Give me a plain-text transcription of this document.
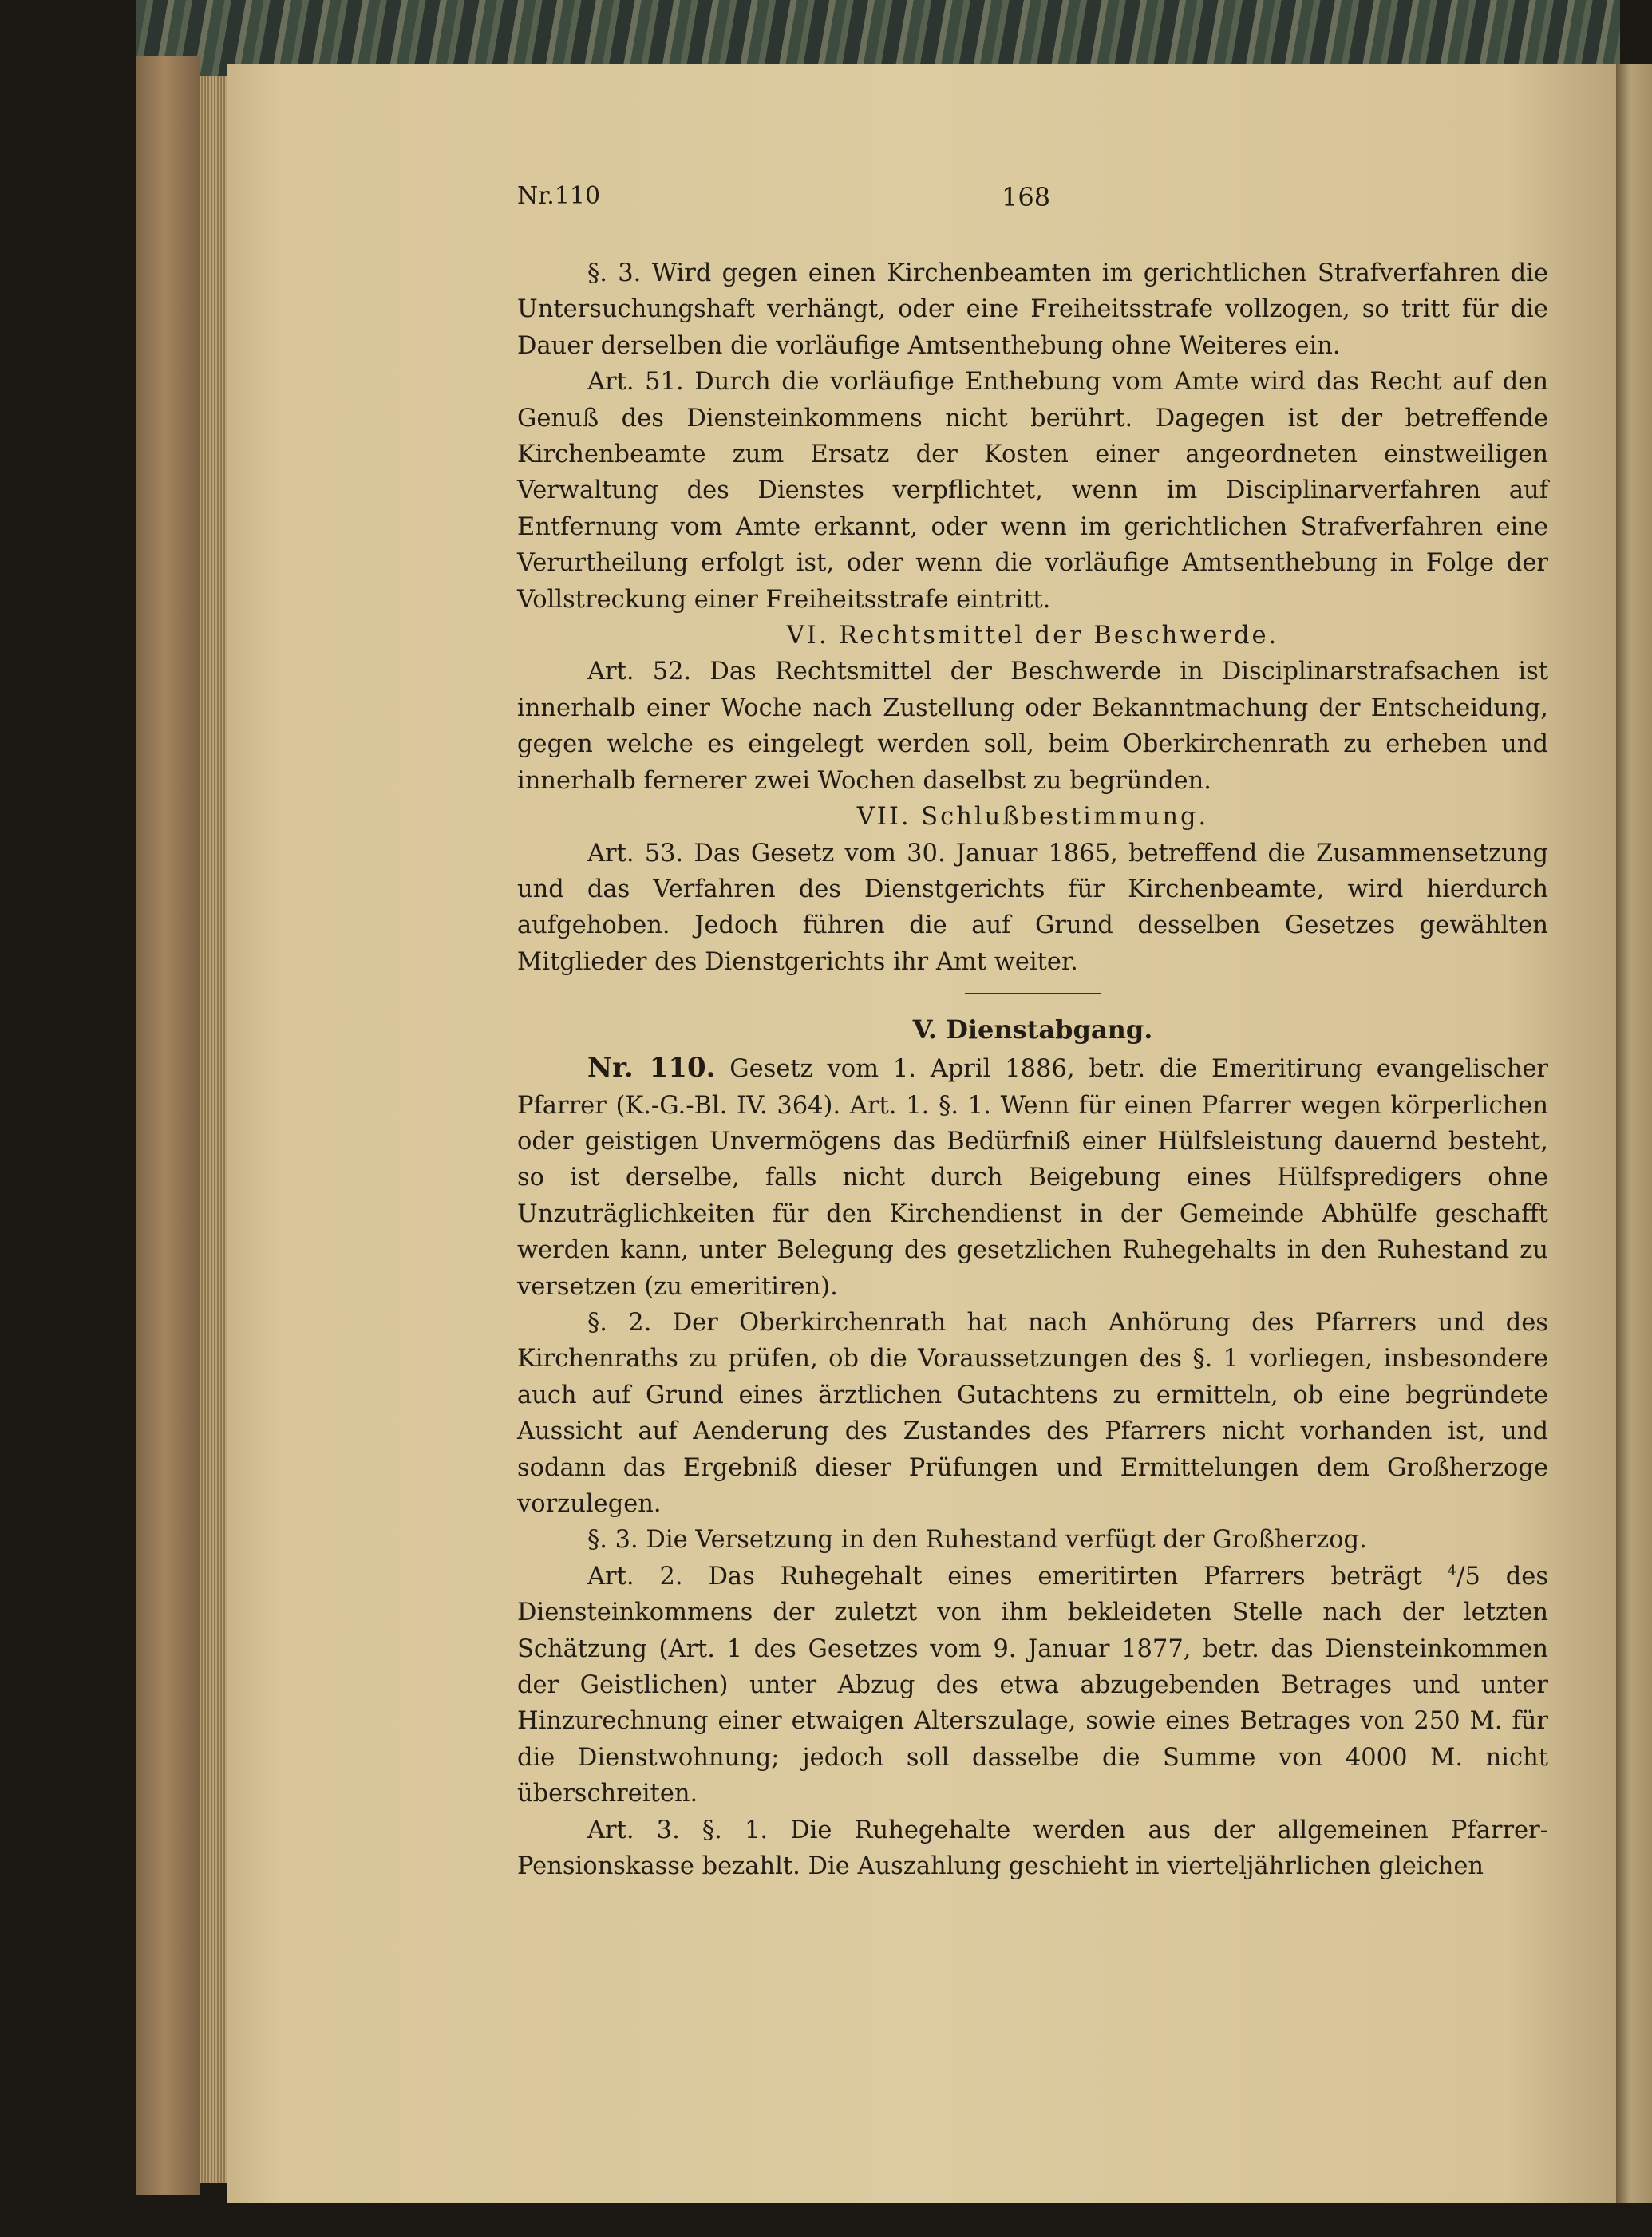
Nr.110	168

§. 3. Wird gegen einen Kirchenbeamten im gerichtlichen Strafverfahren die Untersuchungshaft verhängt, oder eine Freiheitsstrafe vollzogen, so tritt für die Dauer derselben die vorläufige Amtsenthebung ohne Weiteres ein.

Art. 51. Durch die vorläufige Enthebung vom Amte wird das Recht auf den Genuß des Diensteinkommens nicht berührt. Dagegen ist der betreffende Kirchenbeamte zum Ersatz der Kosten einer angeordneten einstweiligen Verwaltung des Dienstes verpflichtet, wenn im Disciplinarverfahren auf Entfernung vom Amte erkannt, oder wenn im gerichtlichen Strafverfahren eine Verurtheilung erfolgt ist, oder wenn die vorläufige Amtsenthebung in Folge der Vollstreckung einer Freiheitsstrafe eintritt.

VI. Rechtsmittel der Beschwerde.

Art. 52. Das Rechtsmittel der Beschwerde in Disciplinarstrafsachen ist innerhalb einer Woche nach Zustellung oder Bekanntmachung der Entscheidung, gegen welche es eingelegt werden soll, beim Oberkirchenrath zu erheben und innerhalb fernerer zwei Wochen daselbst zu begründen.

VII. Schlußbestimmung.

Art. 53. Das Gesetz vom 30. Januar 1865, betreffend die Zusammensetzung und das Verfahren des Dienstgerichts für Kirchenbeamte, wird hierdurch aufgehoben. Jedoch führen die auf Grund desselben Gesetzes gewählten Mitglieder des Dienstgerichts ihr Amt weiter.

V. Dienstabgang.

Nr. 110. Gesetz vom 1. April 1886, betr. die Emeritirung evangelischer Pfarrer (K.-G.-Bl. IV. 364). Art. 1. §. 1. Wenn für einen Pfarrer wegen körperlichen oder geistigen Unvermögens das Bedürfniß einer Hülfsleistung dauernd besteht, so ist derselbe, falls nicht durch Beigebung eines Hülfspredigers ohne Unzuträglichkeiten für den Kirchendienst in der Gemeinde Abhülfe geschafft werden kann, unter Belegung des gesetzlichen Ruhegehalts in den Ruhestand zu versetzen (zu emeritiren).

§. 2. Der Oberkirchenrath hat nach Anhörung des Pfarrers und des Kirchenraths zu prüfen, ob die Voraussetzungen des §. 1 vorliegen, insbesondere auch auf Grund eines ärztlichen Gutachtens zu ermitteln, ob eine begründete Aussicht auf Aenderung des Zustandes des Pfarrers nicht vorhanden ist, und sodann das Ergebniß dieser Prüfungen und Ermittelungen dem Großherzoge vorzulegen.

§. 3. Die Versetzung in den Ruhestand verfügt der Großherzog.

Art. 2. Das Ruhegehalt eines emeritirten Pfarrers beträgt $^4$/5 des Diensteinkommens der zuletzt von ihm bekleideten Stelle nach der letzten Schätzung (Art. 1 des Gesetzes vom 9. Januar 1877, betr. das Diensteinkommen der Geistlichen) unter Abzug des etwa abzugebenden Betrages und unter Hinzurechnung einer etwaigen Alterszulage, sowie eines Betrages von 250 M. für die Dienstwohnung; jedoch soll dasselbe die Summe von 4000 M. nicht überschreiten.

Art. 3. §. 1. Die Ruhegehalte werden aus der allgemeinen Pfarrer-Pensionskasse bezahlt. Die Auszahlung geschieht in vierteljährlichen gleichen
